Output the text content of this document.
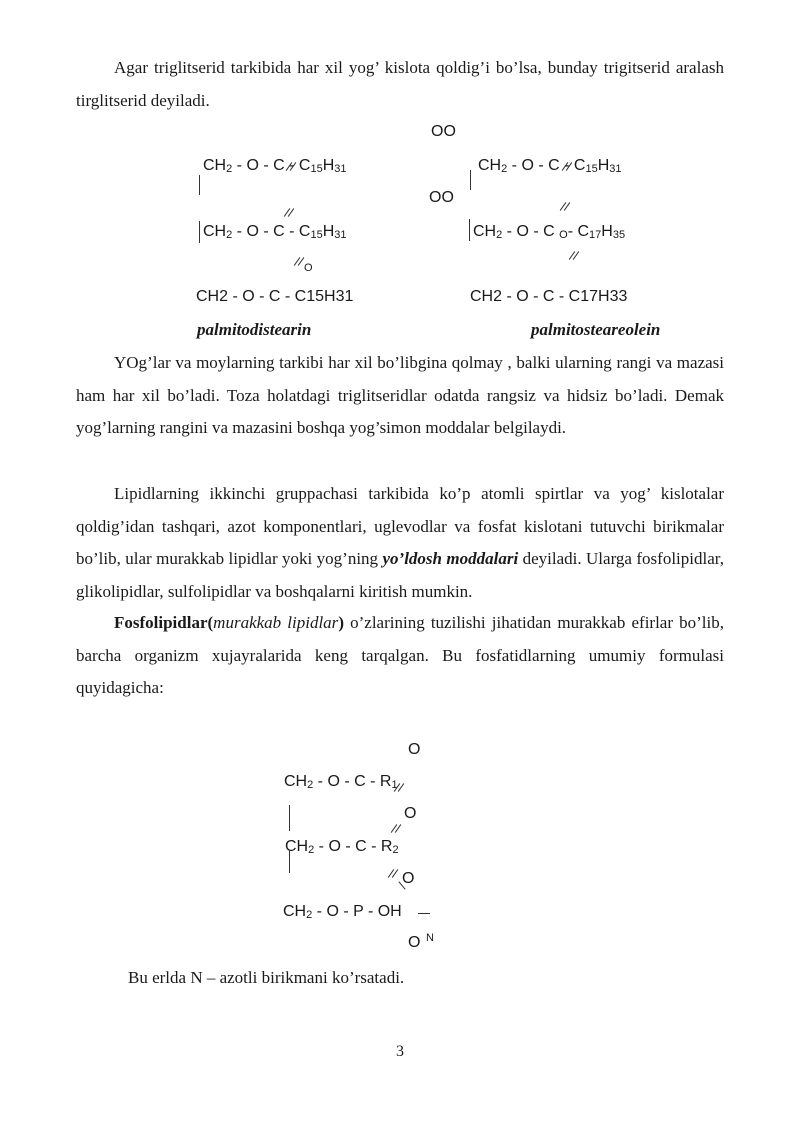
Agar triglitserid tarkibida har xil yog’ kislota qoldig’i bo’lsa, bunday trigitserid aralash tirglitserid deyiladi.

$CH_2$ - O - C - $C_{15}H_{31}$
$CH_2$ - O - C - $C_{15}H_{31}$
O
CH2 - O - C - C15H31
palmitodistearin
OO
$CH_2$ - O - C - $C_{15}H_{31}$
OO
$CH_2$ - O - C $_O$- $C_{17}H_{35}$
CH2 - O - C - C17H33
palmitosteareolein

YOg’lar va moylarning tarkibi har xil bo’libgina qolmay , balki ularning rangi va mazasi ham har xil bo’ladi. Toza holatdagi triglitseridlar odatda rangsiz va hidsiz bo’ladi. Demak yog’larning rangini va mazasini boshqa yog’simon moddalar belgilaydi.

Lipidlarning ikkinchi gruppachasi tarkibida ko’p atomli spirtlar va yog’ kislotalar qoldig’idan tashqari, azot komponentlari, uglevodlar va fosfat kislotani tutuvchi birikmalar bo’lib, ular murakkab lipidlar yoki yog’ning yo’ldosh moddalari deyiladi. Ularga fosfolipidlar, glikolipidlar, sulfolipidlar va boshqalarni kiritish mumkin.

Fosfolipidlar(murakkab lipidlar) o’zlarining tuzilishi jihatidan murakkab efirlar bo’lib, barcha organizm xujayralarida keng tarqalgan. Bu fosfatidlarning umumiy formulasi quyidagicha:

O
$CH_2$ - O - C - $R_1$
O
$CH_2$ - O - C - $R_2$
O
$CH_2$ - O - P - OH
O N

Bu erlda N – azotli birikmani ko’rsatadi.

3
